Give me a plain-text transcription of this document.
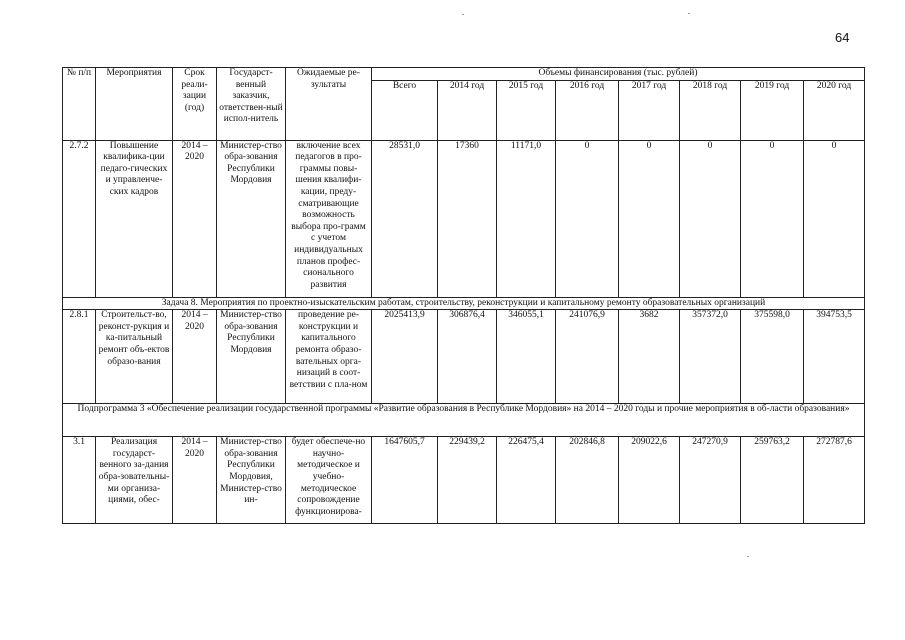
64
№ п/п	Мероприятия	Срок реали-зации (год)	Государст-венный заказчик, ответствен-ный испол-нитель	Ожидаемые ре-зультаты	Объемы финансирования (тыс. рублей)							
					Всего	2014 год	2015 год	2016 год	2017 год	2018 год	2019 год	2020 год
2.7.2	Повышение квалифика-ции педаго-гических и управленче-ских кадров	2014 – 2020	Министер-ство обра-зования Республики Мордовия	включение всех педагогов в про-граммы повы-шения квалифи-кации, преду-сматривающие возможность выбора про-грамм с учетом индивидуальных планов профес-сионального развития	28531,0	17360	11171,0	0	0	0	0	0
Задача 8. Мероприятия по проектно-изыскательским работам, строительству, реконструкции и капитальному ремонту образовательных организаций												
2.8.1	Строительст-во, реконст-рукция и ка-питальный ремонт объ-ектов образо-вания	2014 – 2020	Министер-ство обра-зования Республики Мордовия	проведение ре-конструкции и капитального ремонта образо-вательных орга-низаций в соот-ветствии с пла-ном	2025413,9	306876,4	346055,1	241076,9	3682	357372,0	375598,0	394753,5
Подпрограмма 3 «Обеспечение реализации государственной программы «Развитие образования в Республике Мордовия» на 2014 – 2020 годы и прочие мероприятия в об-ласти образования»												
3.1	Реализация государст-венного за-дания обра-зовательны-ми организа-циями, обес-	2014 – 2020	Министер-ство обра-зования Республики Мордовия, Министер-ство ин-	будет обеспече-но научно-методическое и учебно-методическое сопровождение функционирова-	1647605,7	229439,2	226475,4	202846,8	209022,6	247270,9	259763,2	272787,6
